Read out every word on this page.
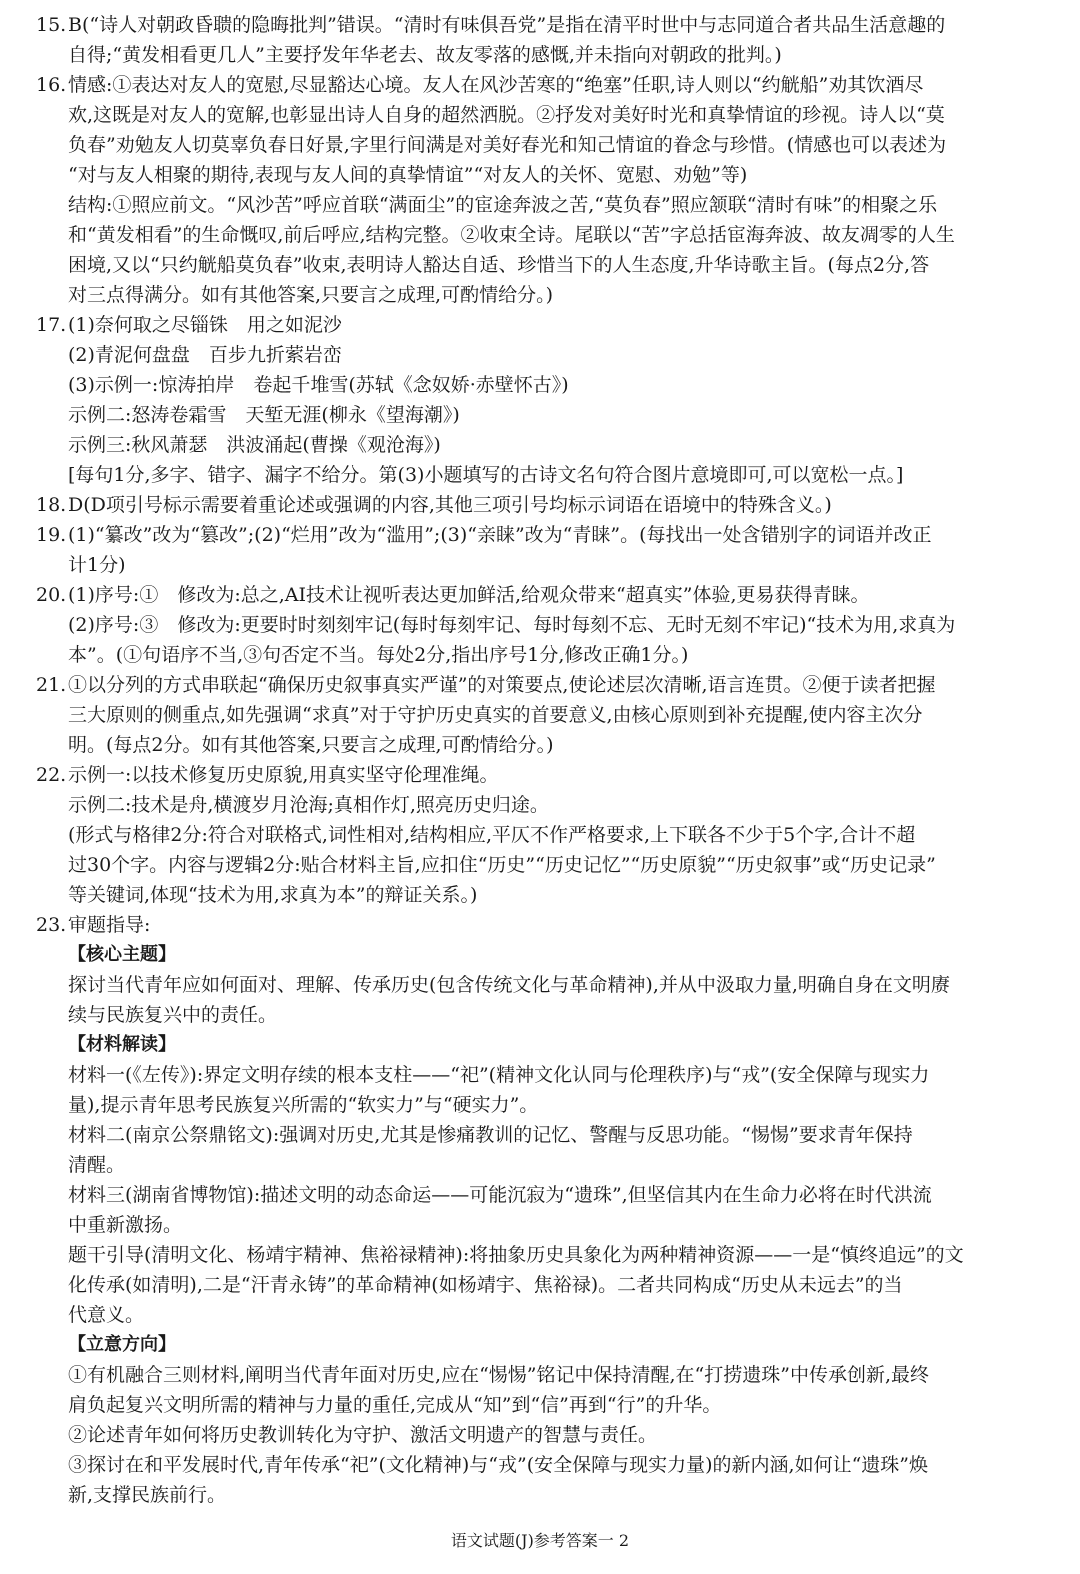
15. B(“诗人对朝政昏聩的隐晦批判”错误。“清时有味俱吾党”是指在清平时世中与志同道合者共品生活意趣的
自得;“黄发相看更几人”主要抒发年华老去、故友零落的感慨,并未指向对朝政的批判。)
16. 情感:①表达对友人的宽慰,尽显豁达心境。友人在风沙苦寒的“绝塞”任职,诗人则以“约觥船”劝其饮酒尽
欢,这既是对友人的宽解,也彰显出诗人自身的超然洒脱。②抒发对美好时光和真挚情谊的珍视。诗人以“莫
负春”劝勉友人切莫辜负春日好景,字里行间满是对美好春光和知己情谊的眷念与珍惜。(情感也可以表述为
“对与友人相聚的期待,表现与友人间的真挚情谊”“对友人的关怀、宽慰、劝勉”等)
结构:①照应前文。“风沙苦”呼应首联“满面尘”的宦途奔波之苦,“莫负春”照应颔联“清时有味”的相聚之乐
和“黄发相看”的生命慨叹,前后呼应,结构完整。②收束全诗。尾联以“苦”字总括宦海奔波、故友凋零的人生
困境,又以“只约觥船莫负春”收束,表明诗人豁达自适、珍惜当下的人生态度,升华诗歌主旨。(每点2分,答
对三点得满分。如有其他答案,只要言之成理,可酌情给分。)
17. (1)奈何取之尽锱铢　用之如泥沙
(2)青泥何盘盘　百步九折萦岩峦
(3)示例一:惊涛拍岸　卷起千堆雪(苏轼《念奴娇·赤壁怀古》)
示例二:怒涛卷霜雪　天堑无涯(柳永《望海潮》)
示例三:秋风萧瑟　洪波涌起(曹操《观沧海》)
[每句1分,多字、错字、漏字不给分。第(3)小题填写的古诗文名句符合图片意境即可,可以宽松一点。]
18. D(D项引号标示需要着重论述或强调的内容,其他三项引号均标示词语在语境中的特殊含义。)
19. (1)“纂改”改为“篡改”;(2)“烂用”改为“滥用”;(3)“亲睐”改为“青睐”。(每找出一处含错别字的词语并改正
计1分)
20. (1)序号:①　修改为:总之,AI技术让视听表达更加鲜活,给观众带来“超真实”体验,更易获得青睐。
(2)序号:③　修改为:更要时时刻刻牢记(每时每刻牢记、每时每刻不忘、无时无刻不牢记)“技术为用,求真为
本”。(①句语序不当,③句否定不当。每处2分,指出序号1分,修改正确1分。)
21. ①以分列的方式串联起“确保历史叙事真实严谨”的对策要点,使论述层次清晰,语言连贯。②便于读者把握
三大原则的侧重点,如先强调“求真”对于守护历史真实的首要意义,由核心原则到补充提醒,使内容主次分
明。(每点2分。如有其他答案,只要言之成理,可酌情给分。)
22. 示例一:以技术修复历史原貌,用真实坚守伦理准绳。
示例二:技术是舟,横渡岁月沧海;真相作灯,照亮历史归途。
(形式与格律2分:符合对联格式,词性相对,结构相应,平仄不作严格要求,上下联各不少于5个字,合计不超
过30个字。内容与逻辑2分:贴合材料主旨,应扣住“历史”“历史记忆”“历史原貌”“历史叙事”或“历史记录”
等关键词,体现“技术为用,求真为本”的辩证关系。)
23. 审题指导:
【核心主题】
探讨当代青年应如何面对、理解、传承历史(包含传统文化与革命精神),并从中汲取力量,明确自身在文明赓
续与民族复兴中的责任。
【材料解读】
材料一(《左传》):界定文明存续的根本支柱——“祀”(精神文化认同与伦理秩序)与“戎”(安全保障与现实力
量),提示青年思考民族复兴所需的“软实力”与“硬实力”。
材料二(南京公祭鼎铭文):强调对历史,尤其是惨痛教训的记忆、警醒与反思功能。“惕惕”要求青年保持
清醒。
材料三(湖南省博物馆):描述文明的动态命运——可能沉寂为“遗珠”,但坚信其内在生命力必将在时代洪流
中重新激扬。
题干引导(清明文化、杨靖宇精神、焦裕禄精神):将抽象历史具象化为两种精神资源——一是“慎终追远”的文
化传承(如清明),二是“汗青永铸”的革命精神(如杨靖宇、焦裕禄)。二者共同构成“历史从未远去”的当
代意义。
【立意方向】
①有机融合三则材料,阐明当代青年面对历史,应在“惕惕”铭记中保持清醒,在“打捞遗珠”中传承创新,最终
肩负起复兴文明所需的精神与力量的重任,完成从“知”到“信”再到“行”的升华。
②论述青年如何将历史教训转化为守护、激活文明遗产的智慧与责任。
③探讨在和平发展时代,青年传承“祀”(文化精神)与“戎”(安全保障与现实力量)的新内涵,如何让“遗珠”焕
新,支撑民族前行。
语文试题(J)参考答案一 2
